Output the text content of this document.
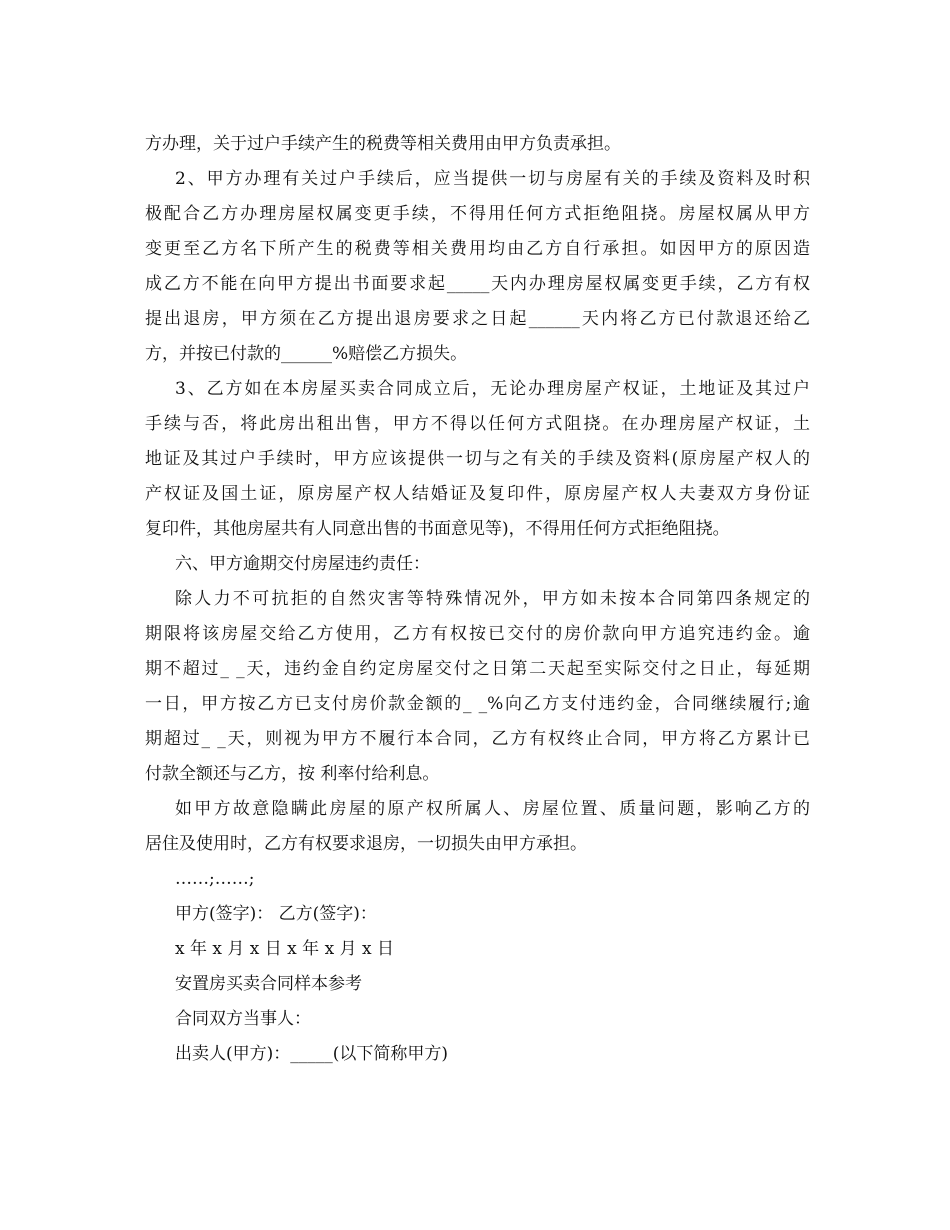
方办理，关于过户手续产生的税费等相关费用由甲方负责承担。
2、甲方办理有关过户手续后，应当提供一切与房屋有关的手续及资料及时积
极配合乙方办理房屋权属变更手续，不得用任何方式拒绝阻挠。房屋权属从甲方
变更至乙方名下所产生的税费等相关费用均由乙方自行承担。如因甲方的原因造
成乙方不能在向甲方提出书面要求起_____天内办理房屋权属变更手续，乙方有权
提出退房，甲方须在乙方提出退房要求之日起______天内将乙方已付款退还给乙
方，并按已付款的______%赔偿乙方损失。
3、乙方如在本房屋买卖合同成立后，无论办理房屋产权证，土地证及其过户
手续与否，将此房出租出售，甲方不得以任何方式阻挠。在办理房屋产权证，土
地证及其过户手续时，甲方应该提供一切与之有关的手续及资料(原房屋产权人的
产权证及国土证，原房屋产权人结婚证及复印件，原房屋产权人夫妻双方身份证
复印件，其他房屋共有人同意出售的书面意见等)，不得用任何方式拒绝阻挠。
六、甲方逾期交付房屋违约责任：
除人力不可抗拒的自然灾害等特殊情况外，甲方如未按本合同第四条规定的
期限将该房屋交给乙方使用，乙方有权按已交付的房价款向甲方追究违约金。逾
期不超过_ _天，违约金自约定房屋交付之日第二天起至实际交付之日止，每延期
一日，甲方按乙方已支付房价款金额的_ _%向乙方支付违约金，合同继续履行;逾
期超过_ _天，则视为甲方不履行本合同，乙方有权终止合同，甲方将乙方累计已
付款全额还与乙方，按 利率付给利息。
如甲方故意隐瞒此房屋的原产权所属人、房屋位置、质量问题，影响乙方的
居住及使用时，乙方有权要求退房，一切损失由甲方承担。
……;……;
甲方(签字)： 乙方(签字)：
x 年 x 月 x 日 x 年 x 月 x 日
安置房买卖合同样本参考
合同双方当事人：
出卖人(甲方)：_____(以下简称甲方)
